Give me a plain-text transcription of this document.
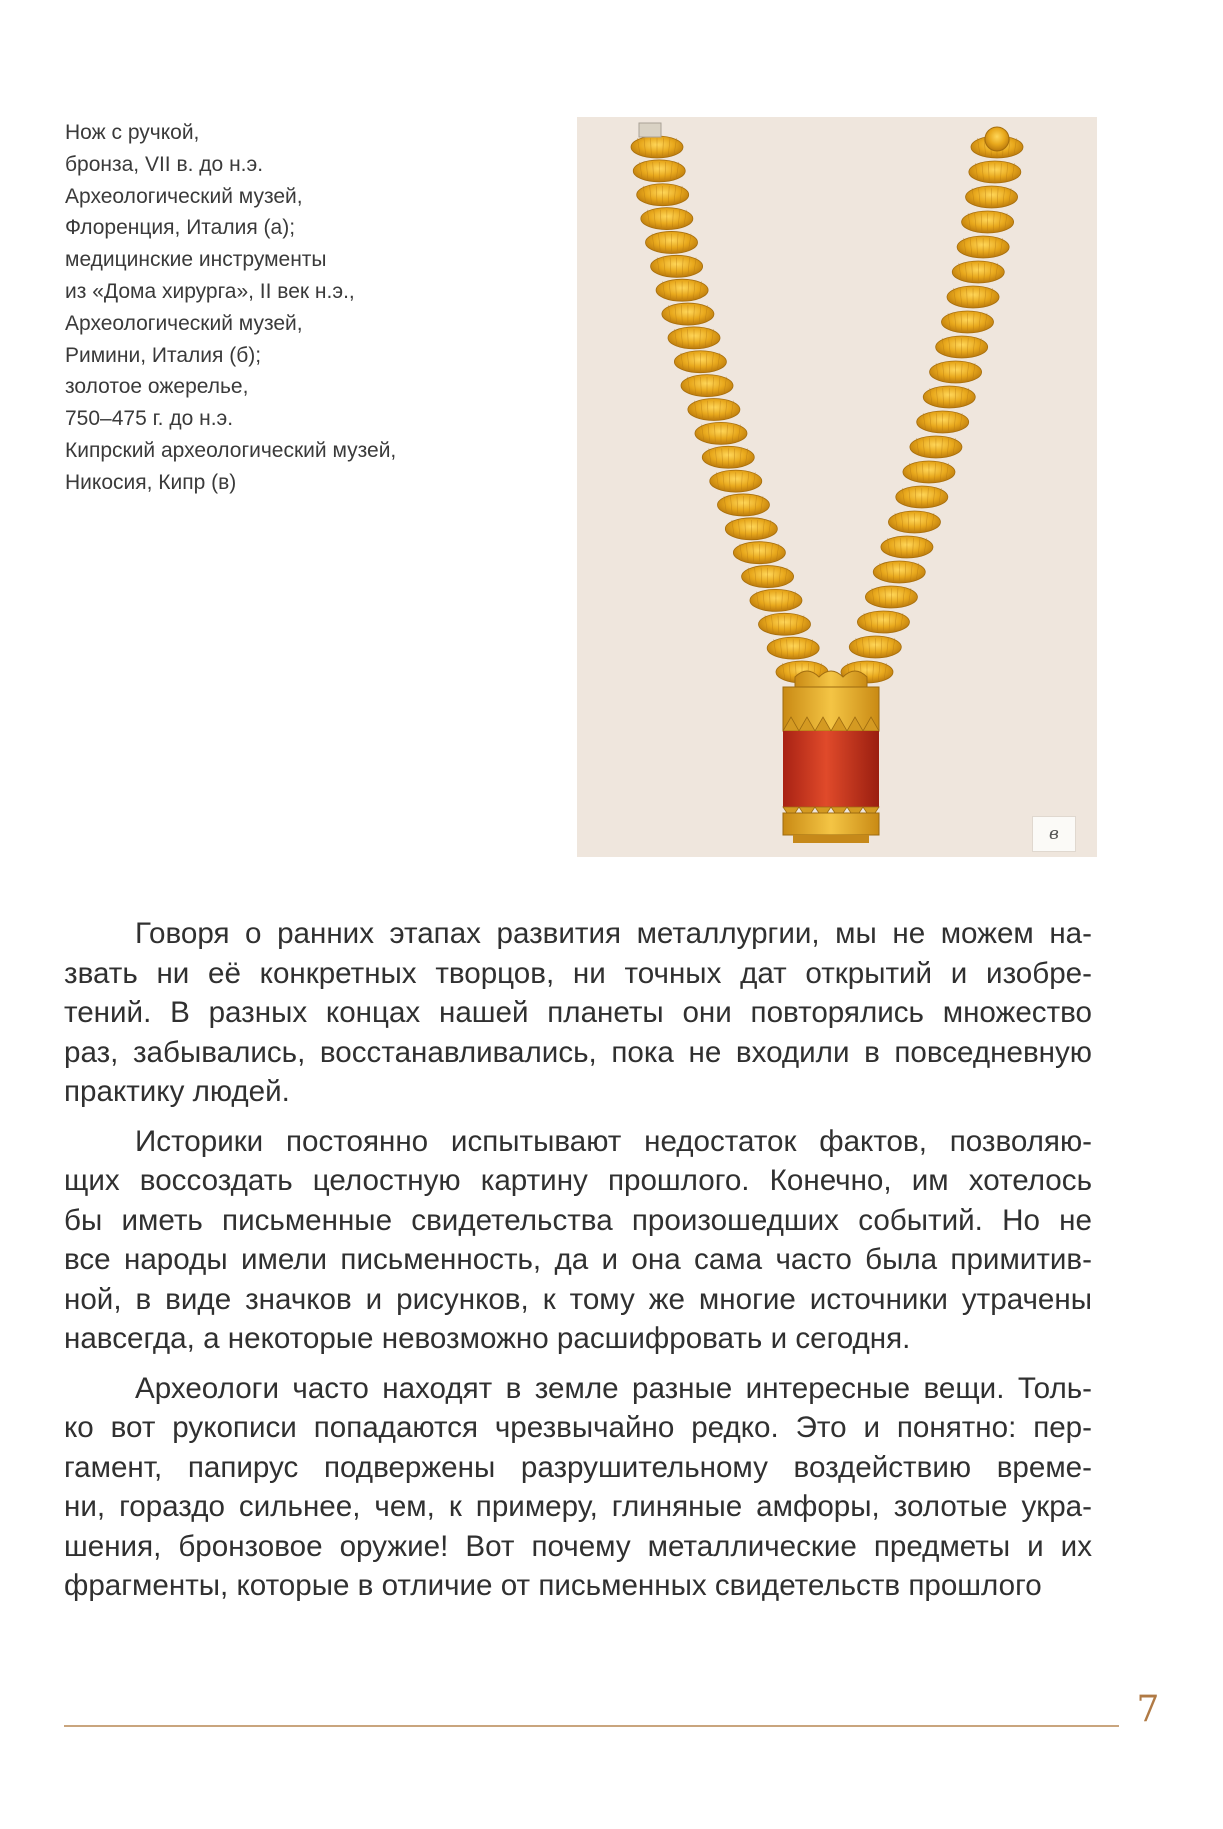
Нож с ручкой,
бронза, VII в. до н.э.
Археологический музей,
Флоренция, Италия (а);
медицинские инструменты
из «Дома хирурга», II век н.э.,
Археологический музей,
Римини, Италия (б);
золотое ожерелье,
750–475 г. до н.э.
Кипрский археологический музей,
Никосия, Кипр (в)
в
Говоря о ранних этапах развития металлургии, мы не можем на-
звать ни её конкретных творцов, ни точных дат открытий и изобре-
тений. В разных концах нашей планеты они повторялись множество
раз, забывались, восстанавливались, пока не входили в повседневную
практику людей.
Историки постоянно испытывают недостаток фактов, позволяю-
щих воссоздать целостную картину прошлого. Конечно, им хотелось
бы иметь письменные свидетельства произошедших событий. Но не
все народы имели письменность, да и она сама часто была примитив-
ной, в виде значков и рисунков, к тому же многие источники утрачены
навсегда, а некоторые невозможно расшифровать и сегодня.
Археологи часто находят в земле разные интересные вещи. Толь-
ко вот рукописи попадаются чрезвычайно редко. Это и понятно: пер-
гамент, папирус подвержены разрушительному воздействию време-
ни, гораздо сильнее, чем, к примеру, глиняные амфоры, золотые укра-
шения, бронзовое оружие! Вот почему металлические предметы и их
фрагменты, которые в отличие от письменных свидетельств прошлого
7
